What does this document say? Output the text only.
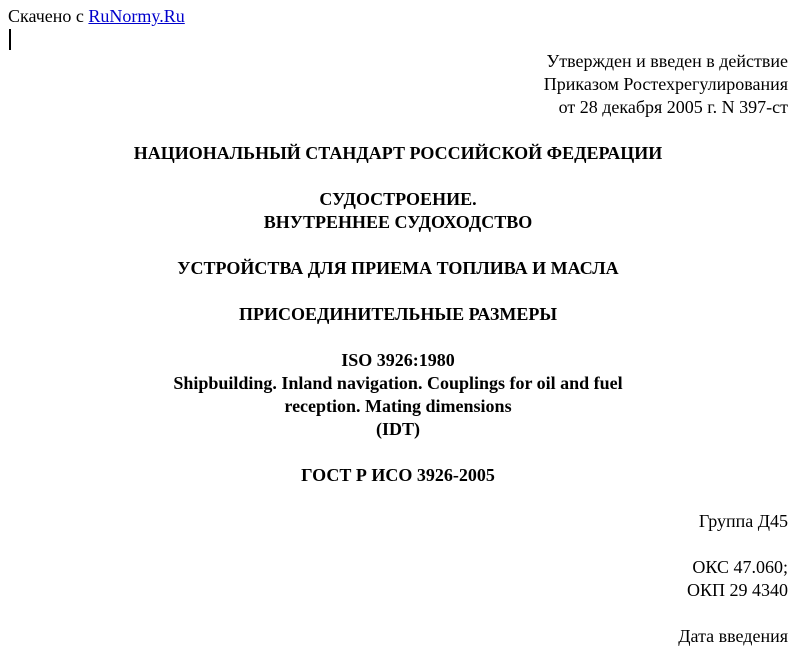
Скачено с RuNormy.Ru
Утвержден и введен в действие
Приказом Ростехрегулирования
от 28 декабря 2005 г. N 397-ст
НАЦИОНАЛЬНЫЙ СТАНДАРТ РОССИЙСКОЙ ФЕДЕРАЦИИ
СУДОСТРОЕНИЕ.
ВНУТРЕННЕЕ СУДОХОДСТВО
УСТРОЙСТВА ДЛЯ ПРИЕМА ТОПЛИВА И МАСЛА
ПРИСОЕДИНИТЕЛЬНЫЕ РАЗМЕРЫ
ISO 3926:1980
Shipbuilding. Inland navigation. Couplings for oil and fuel
reception. Mating dimensions
(IDT)
ГОСТ Р ИСО 3926-2005
Группа Д45
ОКС 47.060;
ОКП 29 4340
Дата введения
